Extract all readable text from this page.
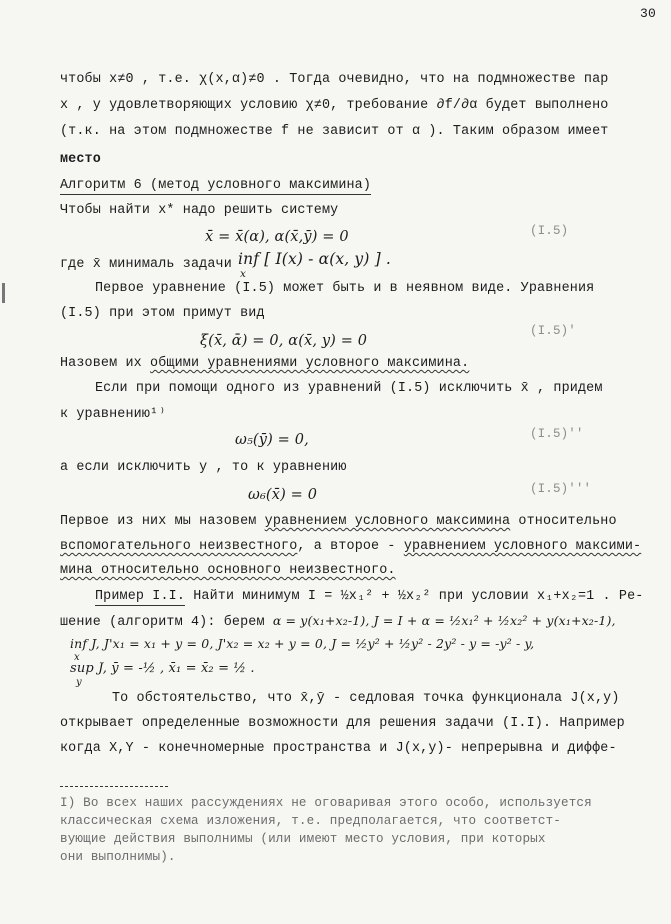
30
чтобы x≠0 , т.е. χ(x,α)≠0 . Тогда очевидно, что на подмножестве пар
x , y удовлетворяющих условию χ≠0, требование ∂f/∂α будет выполнено
(т.к. на этом подмножестве f не зависит от α ). Таким образом имеет
место
Алгоритм 6 (метод условного максимина)
Чтобы найти x* надо решить систему
x̄ = x̄(α), α(x̄,ȳ) = 0	(I.5)
где x̄ минималь задачи inf [ I(x) - α(x, y) ] .
x
Первое уравнение (I.5) может быть и в неявном виде. Уравнения
(I.5) при этом примут вид
ξ(x̄, ᾱ) = 0, α(x̄, y) = 0
(I.5)'
Назовем их общими уравнениями условного максимина.
Если при помощи одного из уравнений (I.5) исключить x̄ , придем
к уравнению¹⁾
ω₅(ȳ) = 0,	(I.5)''
а если исключить y , то к уравнению
ω₆(x̄) = 0	(I.5)'''
Первое из них мы назовем уравнением условного максимина относительно
вспомогательного неизвестного, а второе - уравнением условного максими-
мина относительно основного неизвестного.
Пример I.I. Найти минимум I = ½x₁² + ½x₂² при условии x₁+x₂=1 . Ре-
шение (алгоритм 4): берем α = y(x₁+x₂-1), J = I + α = ½x₁² + ½x₂² + y(x₁+x₂-1),
inf J, J'x₁ = x₁ + y = 0, J'x₂ = x₂ + y = 0, J = ½y² + ½y² - 2y² - y = -y² - y,
x
sup J, ȳ = -½ , x̄₁ = x̄₂ = ½ .
y
То обстоятельство, что x̄,ȳ - седловая точка функционала J(x,y)
открывает определенные возможности для решения задачи (I.I). Например
когда X,Y - конечномерные пространства и J(x,y)- непрерывна и диффе-
I) Во всех наших рассуждениях не оговаривая этого особо, используется
классическая схема изложения, т.е. предполагается, что соответст-
вующие действия выполнимы (или имеют место условия, при которых
они выполнимы).
